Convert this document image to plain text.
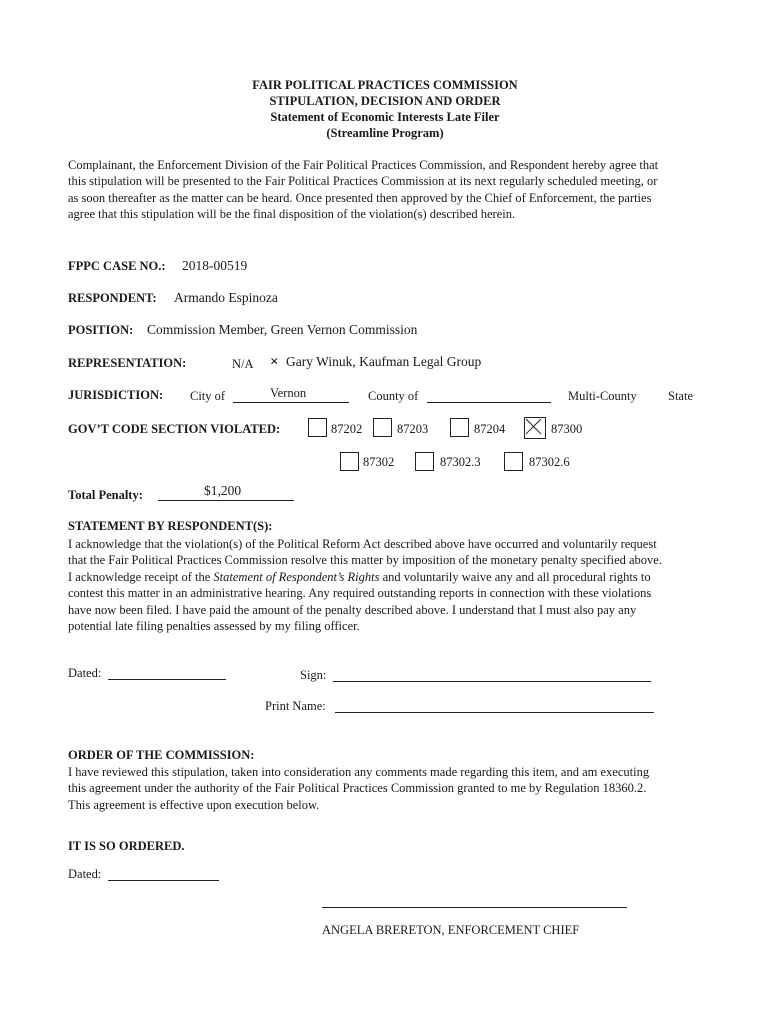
FAIR POLITICAL PRACTICES COMMISSION
STIPULATION, DECISION AND ORDER
Statement of Economic Interests Late Filer
(Streamline Program)
Complainant, the Enforcement Division of the Fair Political Practices Commission, and Respondent hereby agree that this stipulation will be presented to the Fair Political Practices Commission at its next regularly scheduled meeting, or as soon thereafter as the matter can be heard. Once presented then approved by the Chief of Enforcement, the parties agree that this stipulation will be the final disposition of the violation(s) described herein.
FPPC CASE NO.: 2018-00519
RESPONDENT: Armando Espinoza
POSITION: Commission Member, Green Vernon Commission
REPRESENTATION:	N/A × Gary Winuk, Kaufman Legal Group
JURISDICTION: City of	Vernon	County of	Multi-County State
GOV’T CODE SECTION VIOLATED:	87202	87203	87204	87300
87302	87302.3	87302.6
Total Penalty:	$1,200
STATEMENT BY RESPONDENT(S):
I acknowledge that the violation(s) of the Political Reform Act described above have occurred and voluntarily request that the Fair Political Practices Commission resolve this matter by imposition of the monetary penalty specified above. I acknowledge receipt of the Statement of Respondent’s Rights and voluntarily waive any and all procedural rights to contest this matter in an administrative hearing. Any required outstanding reports in connection with these violations have now been filed. I have paid the amount of the penalty described above. I understand that I must also pay any potential late filing penalties assessed by my filing officer.
Dated:	Sign:
Print Name:
ORDER OF THE COMMISSION:
I have reviewed this stipulation, taken into consideration any comments made regarding this item, and am executing this agreement under the authority of the Fair Political Practices Commission granted to me by Regulation 18360.2. This agreement is effective upon execution below.
IT IS SO ORDERED.
Dated:
ANGELA BRERETON, ENFORCEMENT CHIEF
